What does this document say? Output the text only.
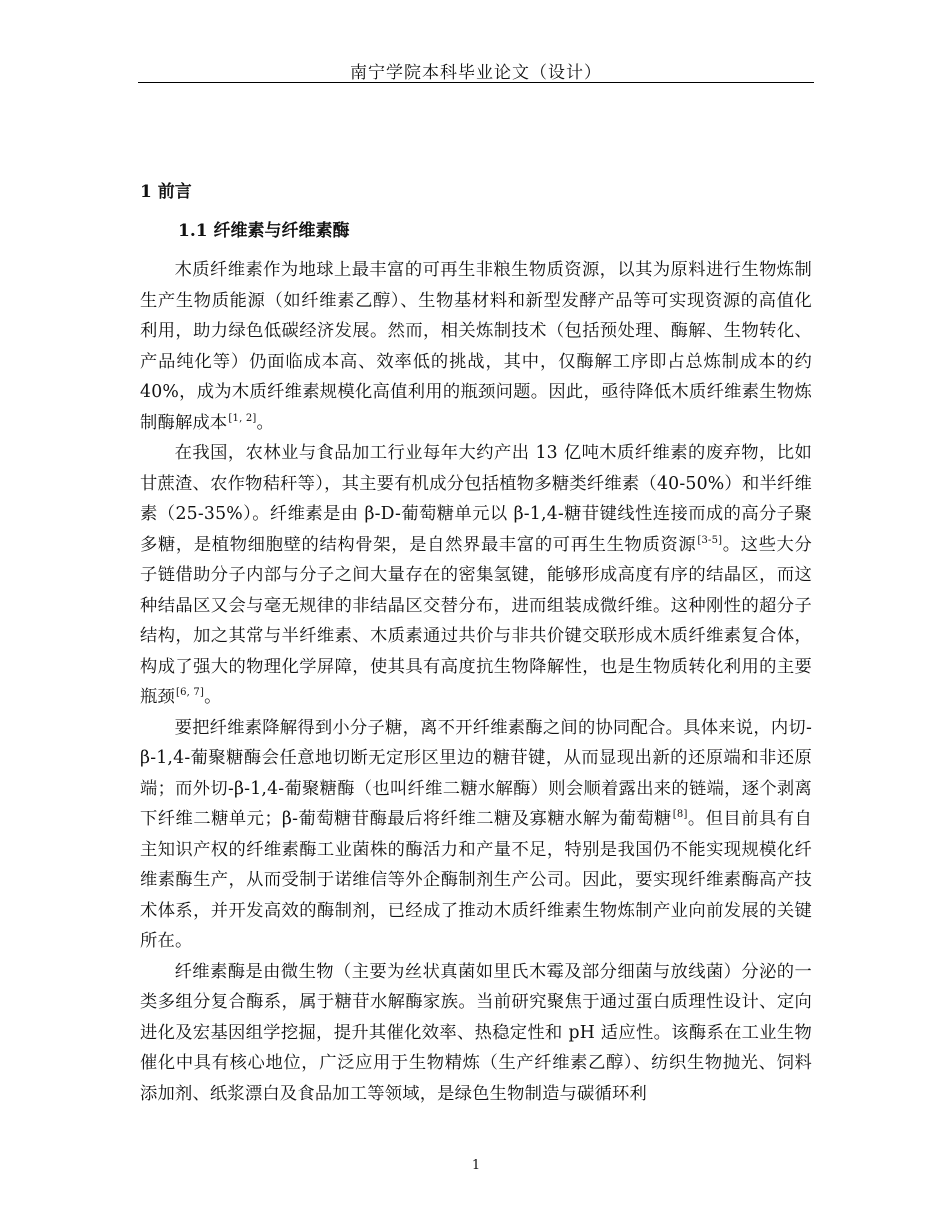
南宁学院本科毕业论文（设计）
1 前言
1.1 纤维素与纤维素酶

木质纤维素作为地球上最丰富的可再生非粮生物质资源，以其为原料进行生物炼制生产生物质能源（如纤维素乙醇）、生物基材料和新型发酵产品等可实现资源的高值化利用，助力绿色低碳经济发展。然而，相关炼制技术（包括预处理、酶解、生物转化、产品纯化等）仍面临成本高、效率低的挑战，其中，仅酶解工序即占总炼制成本的约 40%，成为木质纤维素规模化高值利用的瓶颈问题。因此，亟待降低木质纤维素生物炼制酶解成本[1, 2]。

在我国，农林业与食品加工行业每年大约产出 13 亿吨木质纤维素的废弃物，比如甘蔗渣、农作物秸秆等），其主要有机成分包括植物多糖类纤维素（40-50%）和半纤维素（25-35%）。纤维素是由 β-D-葡萄糖单元以 β-1,4-糖苷键线性连接而成的高分子聚多糖，是植物细胞壁的结构骨架，是自然界最丰富的可再生生物质资源[3-5]。这些大分子链借助分子内部与分子之间大量存在的密集氢键，能够形成高度有序的结晶区，而这种结晶区又会与毫无规律的非结晶区交替分布，进而组装成微纤维。这种刚性的超分子结构，加之其常与半纤维素、木质素通过共价与非共价键交联形成木质纤维素复合体，构成了强大的物理化学屏障，使其具有高度抗生物降解性，也是生物质转化利用的主要瓶颈[6, 7]。

要把纤维素降解得到小分子糖，离不开纤维素酶之间的协同配合。具体来说，内切-β-1,4-葡聚糖酶会任意地切断无定形区里边的糖苷键，从而显现出新的还原端和非还原端；而外切-β-1,4-葡聚糖酶（也叫纤维二糖水解酶）则会顺着露出来的链端，逐个剥离下纤维二糖单元；β-葡萄糖苷酶最后将纤维二糖及寡糖水解为葡萄糖[8]。但目前具有自主知识产权的纤维素酶工业菌株的酶活力和产量不足，特别是我国仍不能实现规模化纤维素酶生产，从而受制于诺维信等外企酶制剂生产公司。因此，要实现纤维素酶高产技术体系，并开发高效的酶制剂，已经成了推动木质纤维素生物炼制产业向前发展的关键所在。

纤维素酶是由微生物（主要为丝状真菌如里氏木霉及部分细菌与放线菌）分泌的一类多组分复合酶系，属于糖苷水解酶家族。当前研究聚焦于通过蛋白质理性设计、定向进化及宏基因组学挖掘，提升其催化效率、热稳定性和 pH 适应性。该酶系在工业生物催化中具有核心地位，广泛应用于生物精炼（生产纤维素乙醇）、纺织生物抛光、饲料添加剂、纸浆漂白及食品加工等领域，是绿色生物制造与碳循环利

1
